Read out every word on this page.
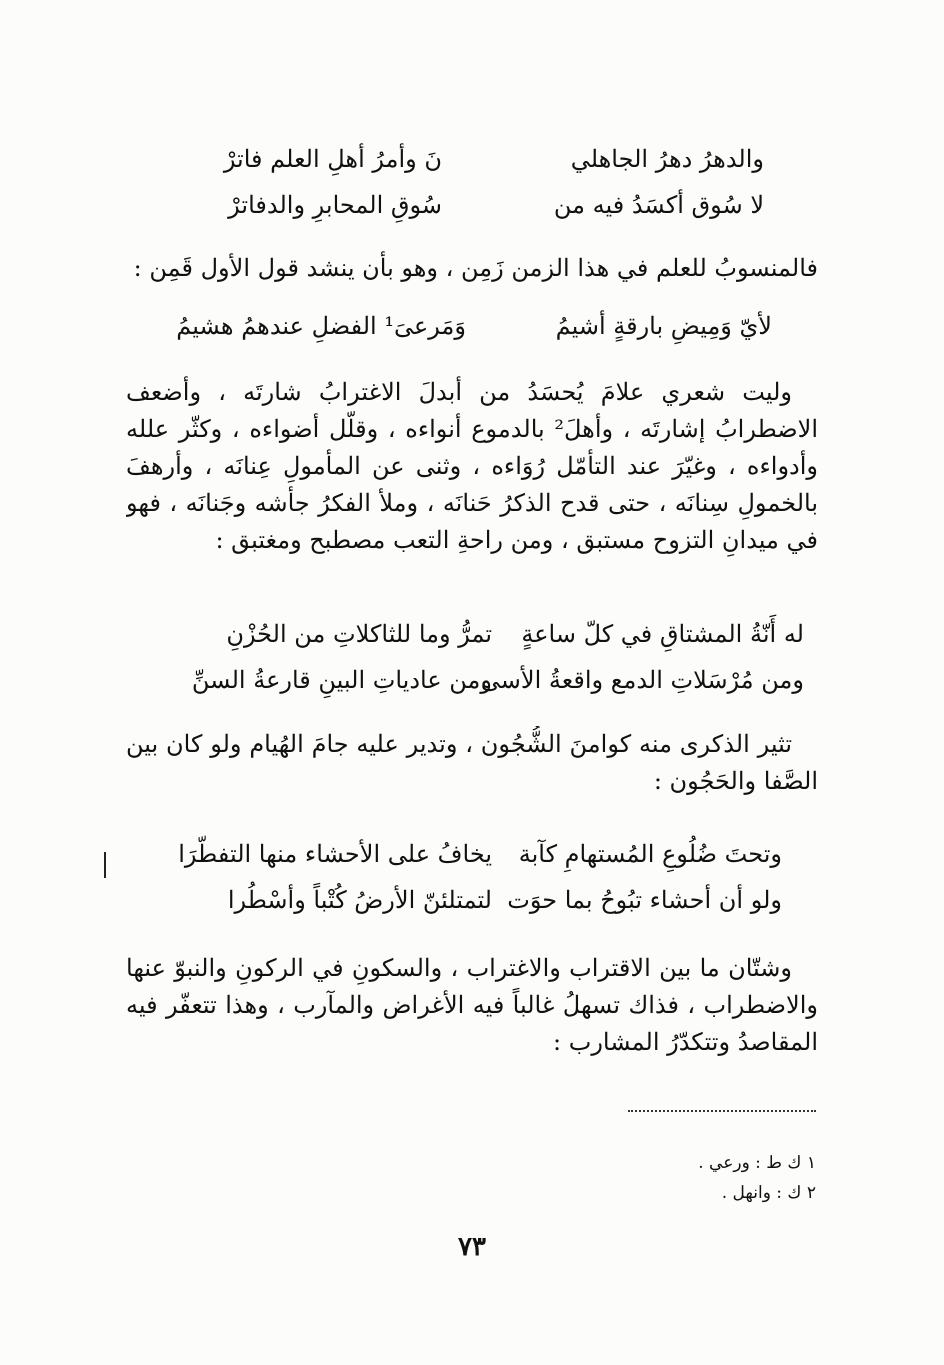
والدهرُ دهرُ الجاهلي
نَ وأمرُ أهلِ العلم فاترْ
لا سُوق أكسَدُ فيه من
سُوقِ المحابرِ والدفاترْ
فالمنسوبُ للعلم في هذا الزمن زَمِن ، وهو بأن ينشد قول الأول قَمِن :
لأيّ وَمِيضِ بارقةٍ أشيمُ
وَمَرعىَ¹ الفضلِ عندهمُ هشيمُ
وليت شعري علامَ يُحسَدُ من أبدلَ الاغترابُ شارتَه ، وأضعف
الاضطرابُ إشارتَه ، وأهلَ² بالدموع أنواءه ، وقلّل أضواءه ، وكثّر علله
وأدواءه ، وغيّرَ عند التأمّل رُوَاءه ، وثنى عن المأمولِ عِنانَه ، وأرهفَ
بالخمولِ سِنانَه ، حتى قدح الذكرُ حَنانَه ، وملأ الفكرُ جأشه وجَنانَه ، فهو
في ميدانِ التزوح مستبق ، ومن راحةِ التعب مصطبح ومغتبق :
له أَنّةُ المشتاقِ في كلّ ساعةٍ
تمرُّ وما للثاكلاتِ من الحُزْنِ
ومن مُرْسَلاتِ الدمع واقعةُ الأسى
ومن عادياتِ البينِ قارعةُ السنِّ
تثير الذكرى منه كوامنَ الشُّجُون ، وتدير عليه جامَ الهُيام ولو كان بين
الصَّفا والحَجُون :
وتحتَ ضُلُوعِ المُستهامِ كآبة
يخافُ على الأحشاء منها التفطّرَا
ولو أن أحشاء تبُوحُ بما حوَت
لتمتلئنّ الأرضُ كُتْباً وأسْطُرا
وشتّان ما بين الاقتراب والاغتراب ، والسكونِ في الركونِ والنبوّ عنها
والاضطراب ، فذاك تسهلُ غالباً فيه الأغراض والمآرب ، وهذا تتعفّر فيه
المقاصدُ وتتكدّرُ المشارب :
١ ك ط : ورعي .
٢ ك : وانهل .
٧٣
